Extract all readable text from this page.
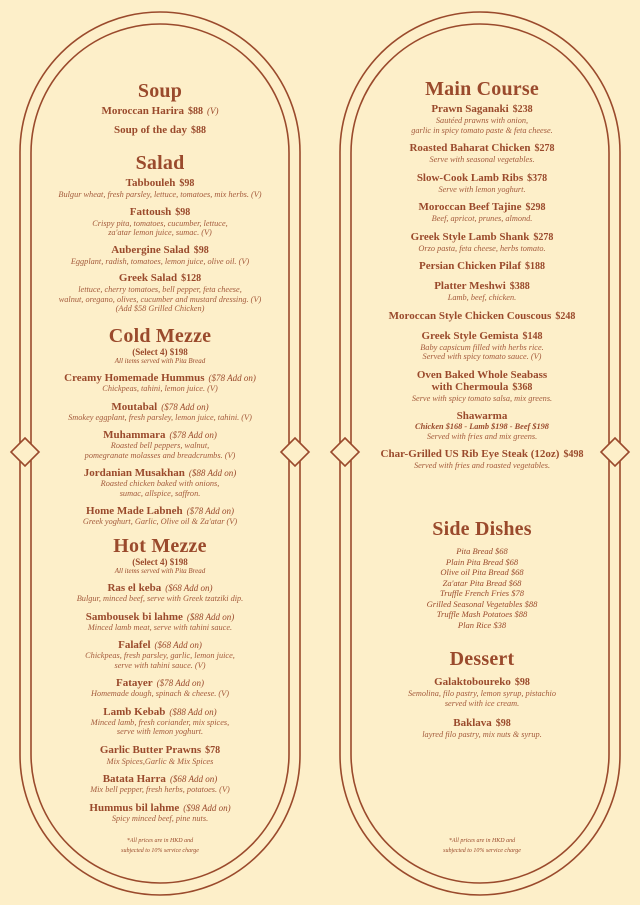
Soup
Moroccan Harira $88 (V)
Soup of the day $88
Salad
Tabbouleh $98
Bulgur wheat, fresh parsley, lettuce, tomatoes, mix herbs. (V)
Fattoush $98
Crispy pita, tomatoes, cucumber, lettuce,
za'atar lemon juice, sumac. (V)
Aubergine Salad $98
Eggplant, radish, tomatoes, lemon juice, olive oil. (V)
Greek Salad $128
lettuce, cherry tomatoes, bell pepper, feta cheese,
walnut, oregano, olives, cucumber and mustard dressing. (V)
(Add $58 Grilled Chicken)
Cold Mezze
(Select 4) $198
All items served with Pita Bread
Creamy Homemade Hummus ($78 Add on)
Chickpeas, tahini, lemon juice. (V)
Moutabal ($78 Add on)
Smokey eggplant, fresh parsley, lemon juice, tahini. (V)
Muhammara ($78 Add on)
Roasted bell peppers, walnut,
pomegranate molasses and breadcrumbs. (V)
Jordanian Musakhan ($88 Add on)
Roasted chicken baked with onions,
sumac, allspice, saffron.
Home Made Labneh ($78 Add on)
Greek yoghurt, Garlic, Olive oil & Za'atar (V)
Hot Mezze
(Select 4) $198
All items served with Pita Bread
Ras el keba ($68 Add on)
Bulgur, minced beef, serve with Greek tzatziki dip.
Sambousek bi lahme ($88 Add on)
Minced lamb meat, serve with tahini sauce.
Falafel ($68 Add on)
Chickpeas, fresh parsley, garlic, lemon juice,
serve with tahini sauce. (V)
Fatayer ($78 Add on)
Homemade dough, spinach & cheese. (V)
Lamb Kebab ($88 Add on)
Minced lamb, fresh coriander, mix spices,
serve with lemon yoghurt.
Garlic Butter Prawns $78
Mix Spices,Garlic & Mix Spices
Batata Harra ($68 Add on)
Mix bell pepper, fresh herbs, potatoes. (V)
Hummus bil lahme ($98 Add on)
Spicy minced beef, pine nuts.
*All prices are in HKD and
subjected to 10% service charge
Main Course
Prawn Saganaki $238
Sautéed prawns with onion,
garlic in spicy tomato paste & feta cheese.
Roasted Baharat Chicken $278
Serve with seasonal vegetables.
Slow-Cook Lamb Ribs $378
Serve with lemon yoghurt.
Moroccan Beef Tajine $298
Beef, apricot, prunes, almond.
Greek Style Lamb Shank $278
Orzo pasta, feta cheese, herbs tomato.
Persian Chicken Pilaf $188
Platter Meshwi $388
Lamb, beef, chicken.
Moroccan Style Chicken Couscous $248
Greek Style Gemista $148
Baby capsicum filled with herbs rice.
Served with spicy tomato sauce. (V)
Oven Baked Whole Seabass with Chermoula $368
Serve with spicy tomato salsa, mix greens.
Shawarma
Chicken $168 - Lamb $198 - Beef $198
Served with fries and mix greens.
Char-Grilled US Rib Eye Steak (12oz) $498
Served with fries and roasted vegetables.
Side Dishes
Pita Bread $68
Plain Pita Bread $68
Olive oil Pita Bread $68
Za'atar Pita Bread $68
Truffle French Fries $78
Grilled Seasonal Vegetables $88
Truffle Mash Potatoes $88
Plan Rice $38
Dessert
Galaktoboureko $98
Semolina, filo pastry, lemon syrup, pistachio
served with ice cream.
Baklava $98
layred filo pastry, mix nuts & syrup.
*All prices are in HKD and
subjected to 10% service charge
